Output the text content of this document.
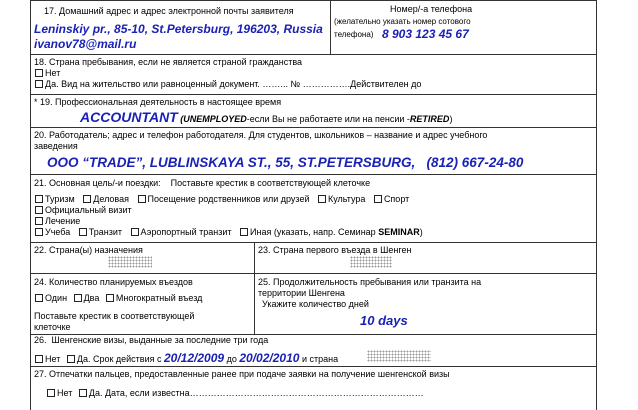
17. Домашний адрес и адрес электронной почты заявителя
Leninskiy pr., 85-10, St.Petersburg, 196203, Russia
ivanov78@mail.ru
Номер/-а телефона
(желательно указать номер сотового
телефона) 8 903 123 45 67
18. Страна пребывания, если не является страной гражданства
Нет
Да. Вид на жительство или равноценный документ. ……... № …………….Действителен до
* 19. Профессиональная деятельность в настоящее время
ACCOUNTANT (UNEMPLOYED-если Вы не работаете или на пенсии -RETIRED)
20. Работодатель; адрес и телефон работодателя. Для студентов, школьников – название и адрес учебного
заведения
ООО “TRADE”, LUBLINSKAYA ST., 55, ST.PETERSBURG,   (812) 667-24-80
21. Основная цель/-и поездки:    Поставьте крестик в соответствующей клеточке
Туризм Деловая Посещение родственников или друзей Культура Спорт
Официальный визит
Лечение
Учеба Транзит Аэропортный транзит Иная (указать, напр. Семинар SEMINAR)
22. Страна(ы) назначения	23. Страна первого въезда в Шенген
24. Количество планируемых въездов
Один Два Многократный въезд
Поставьте крестик в соответствующей
клеточке
25. Продолжительность пребывания или транзита на
территории Шенгена
Укажите количество дней
10 days
26.  Шенгенские визы, выданные за последние три года
Нет Да. Срок действия с 20/12/2009 до 20/02/2010 и страна
27. Отпечатки пальцев, предоставленные ранее при подаче заявки на получение шенгенской визы
Нет Да. Дата, если известна……………………………………………………………………
